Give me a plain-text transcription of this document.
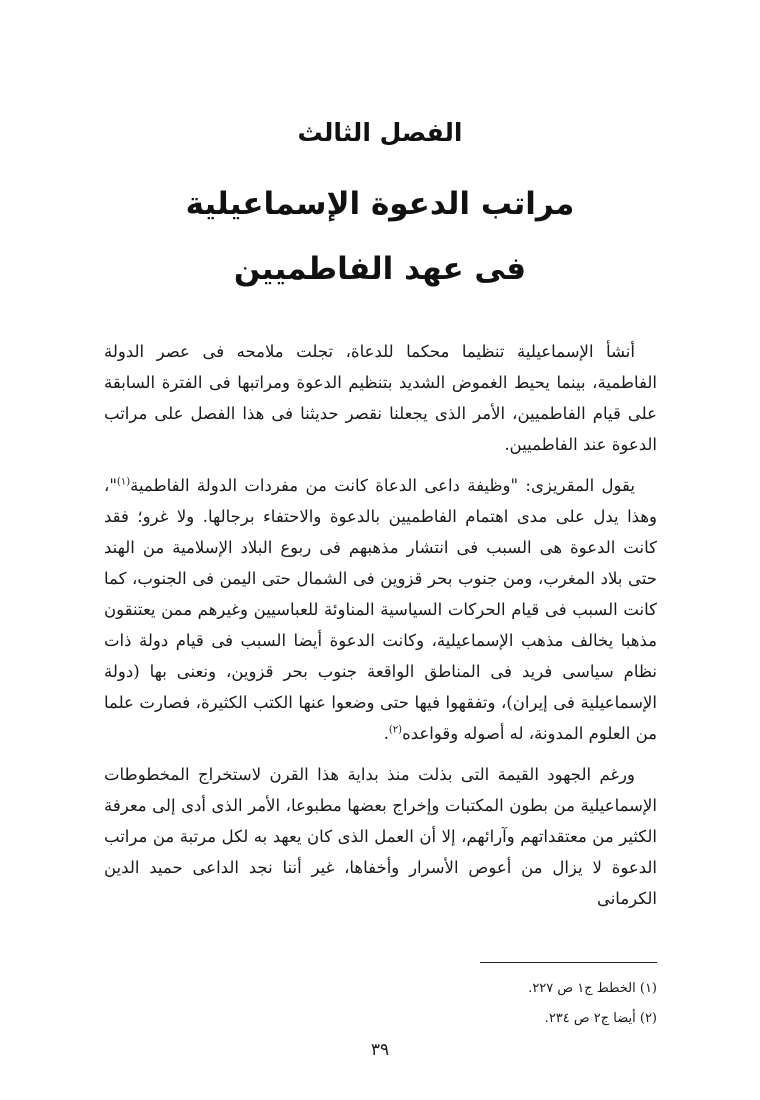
الفصل الثالث
مراتب الدعوة الإسماعيلية
فى عهد الفاطميين

أنشأ الإسماعيلية تنظيما محكما للدعاة، تجلت ملامحه فى عصر الدولة الفاطمية، بينما يحيط الغموض الشديد بتنظيم الدعوة ومراتبها فى الفترة السابقة على قيام الفاطميين، الأمر الذى يجعلنا نقصر حديثنا فى هذا الفصل على مراتب الدعوة عند الفاطميين.

يقول المقريزى: "وظيفة داعى الدعاة كانت من مفردات الدولة الفاطمية$^{(١)}$"، وهذا يدل على مدى اهتمام الفاطميين بالدعوة والاحتفاء برجالها. ولا غرو؛ فقد كانت الدعوة هى السبب فى انتشار مذهبهم فى ربوع البلاد الإسلامية من الهند حتى بلاد المغرب، ومن جنوب بحر قزوين فى الشمال حتى اليمن فى الجنوب، كما كانت السبب فى قيام الحركات السياسية المناوئة للعباسيين وغيرهم ممن يعتنقون مذهبا يخالف مذهب الإسماعيلية، وكانت الدعوة أيضا السبب فى قيام دولة ذات نظام سياسى فريد فى المناطق الواقعة جنوب بحر قزوين، ونعنى بها (دولة الإسماعيلية فى إيران)، وتفقهوا فيها حتى وضعوا عنها الكتب الكثيرة، فصارت علما من العلوم المدونة، له أصوله وقواعده$^{(٢)}$.

ورغم الجهود القيمة التى بذلت منذ بداية هذا القرن لاستخراج المخطوطات الإسماعيلية من بطون المكتبات وإخراج بعضها مطبوعا، الأمر الذى أدى إلى معرفة الكثير من معتقداتهم وآرائهم، إلا أن العمل الذى كان يعهد به لكل مرتبة من مراتب الدعوة لا يزال من أعوص الأسرار وأخفاها، غير أننا نجد الداعى حميد الدين الكرمانى

(١) الخطط ج١ ص ٢٢٧.

(٢) أيضا ج٢ ص ٢٣٤.

٣٩
